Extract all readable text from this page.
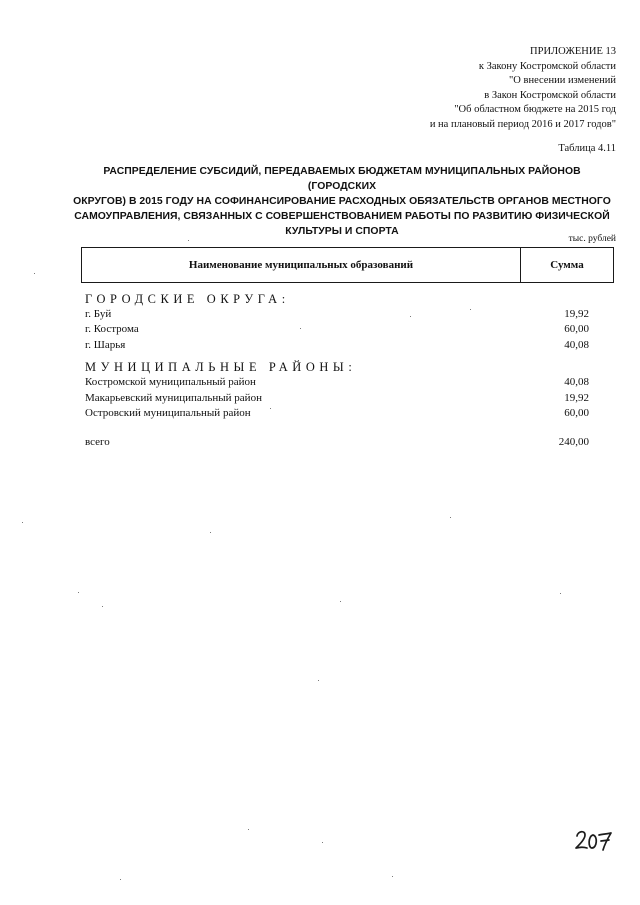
ПРИЛОЖЕНИЕ 13
к Закону Костромской области
"О внесении изменений
в Закон Костромской области
"Об областном бюджете на 2015 год
и на плановый период 2016 и 2017 годов"
Таблица 4.11
РАСПРЕДЕЛЕНИЕ СУБСИДИЙ, ПЕРЕДАВАЕМЫХ БЮДЖЕТАМ МУНИЦИПАЛЬНЫХ РАЙОНОВ (ГОРОДСКИХ
ОКРУГОВ) В 2015 ГОДУ НА СОФИНАНСИРОВАНИЕ РАСХОДНЫХ ОБЯЗАТЕЛЬСТВ ОРГАНОВ МЕСТНОГО
САМОУПРАВЛЕНИЯ, СВЯЗАННЫХ С СОВЕРШЕНСТВОВАНИЕМ РАБОТЫ ПО РАЗВИТИЮ ФИЗИЧЕСКОЙ
КУЛЬТУРЫ И СПОРТА
тыс. рублей
Наименование муниципальных образований	Сумма
ГОРОДСКИЕ ОКРУГА:
г. Буй	19,92
г. Кострома	60,00
г. Шарья	40,08
МУНИЦИПАЛЬНЫЕ РАЙОНЫ:
Костромской муниципальный район	40,08
Макарьевский муниципальный район	19,92
Островский муниципальный район	60,00
всего	240,00
